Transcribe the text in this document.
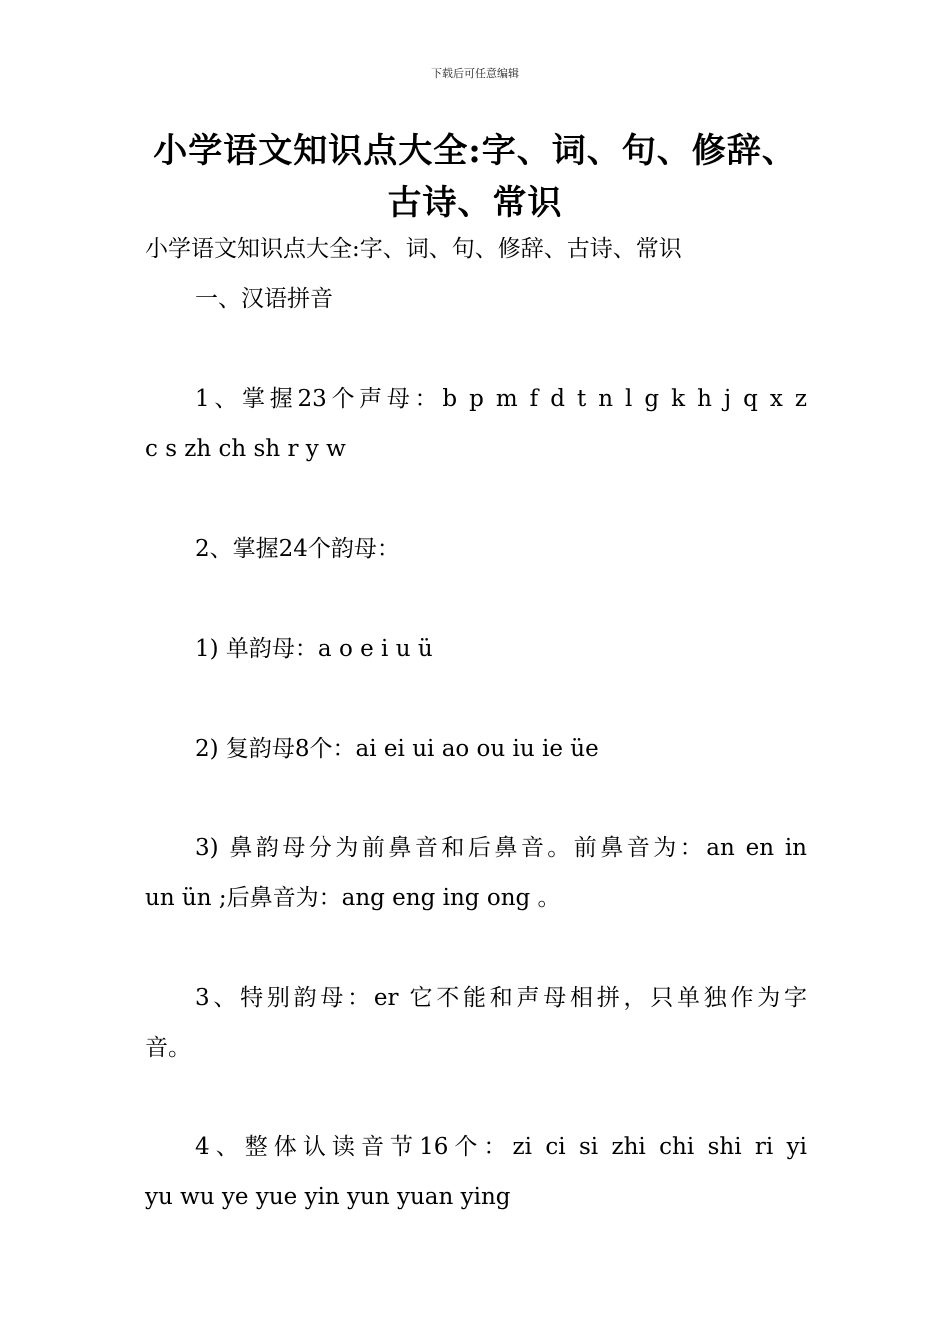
下载后可任意编辑
小学语文知识点大全:字、词、句、修辞、
古诗、常识
小学语文知识点大全:字、词、句、修辞、古诗、常识
一、汉语拼音
1、掌握23个声母：b p m f d t n l g k h j q x z
c s zh ch sh r y w
2、掌握24个韵母：
1) 单韵母：a o e i u ü
2) 复韵母8个：ai ei ui ao ou iu ie üe
3) 鼻韵母分为前鼻音和后鼻音。前鼻音为：an en in
un ün ;后鼻音为：ang eng ing ong 。
3、特别韵母：er 它不能和声母相拼，只单独作为字
音。
4、整体认读音节16个：zi ci si zhi chi shi ri yi
yu wu ye yue yin yun yuan ying
